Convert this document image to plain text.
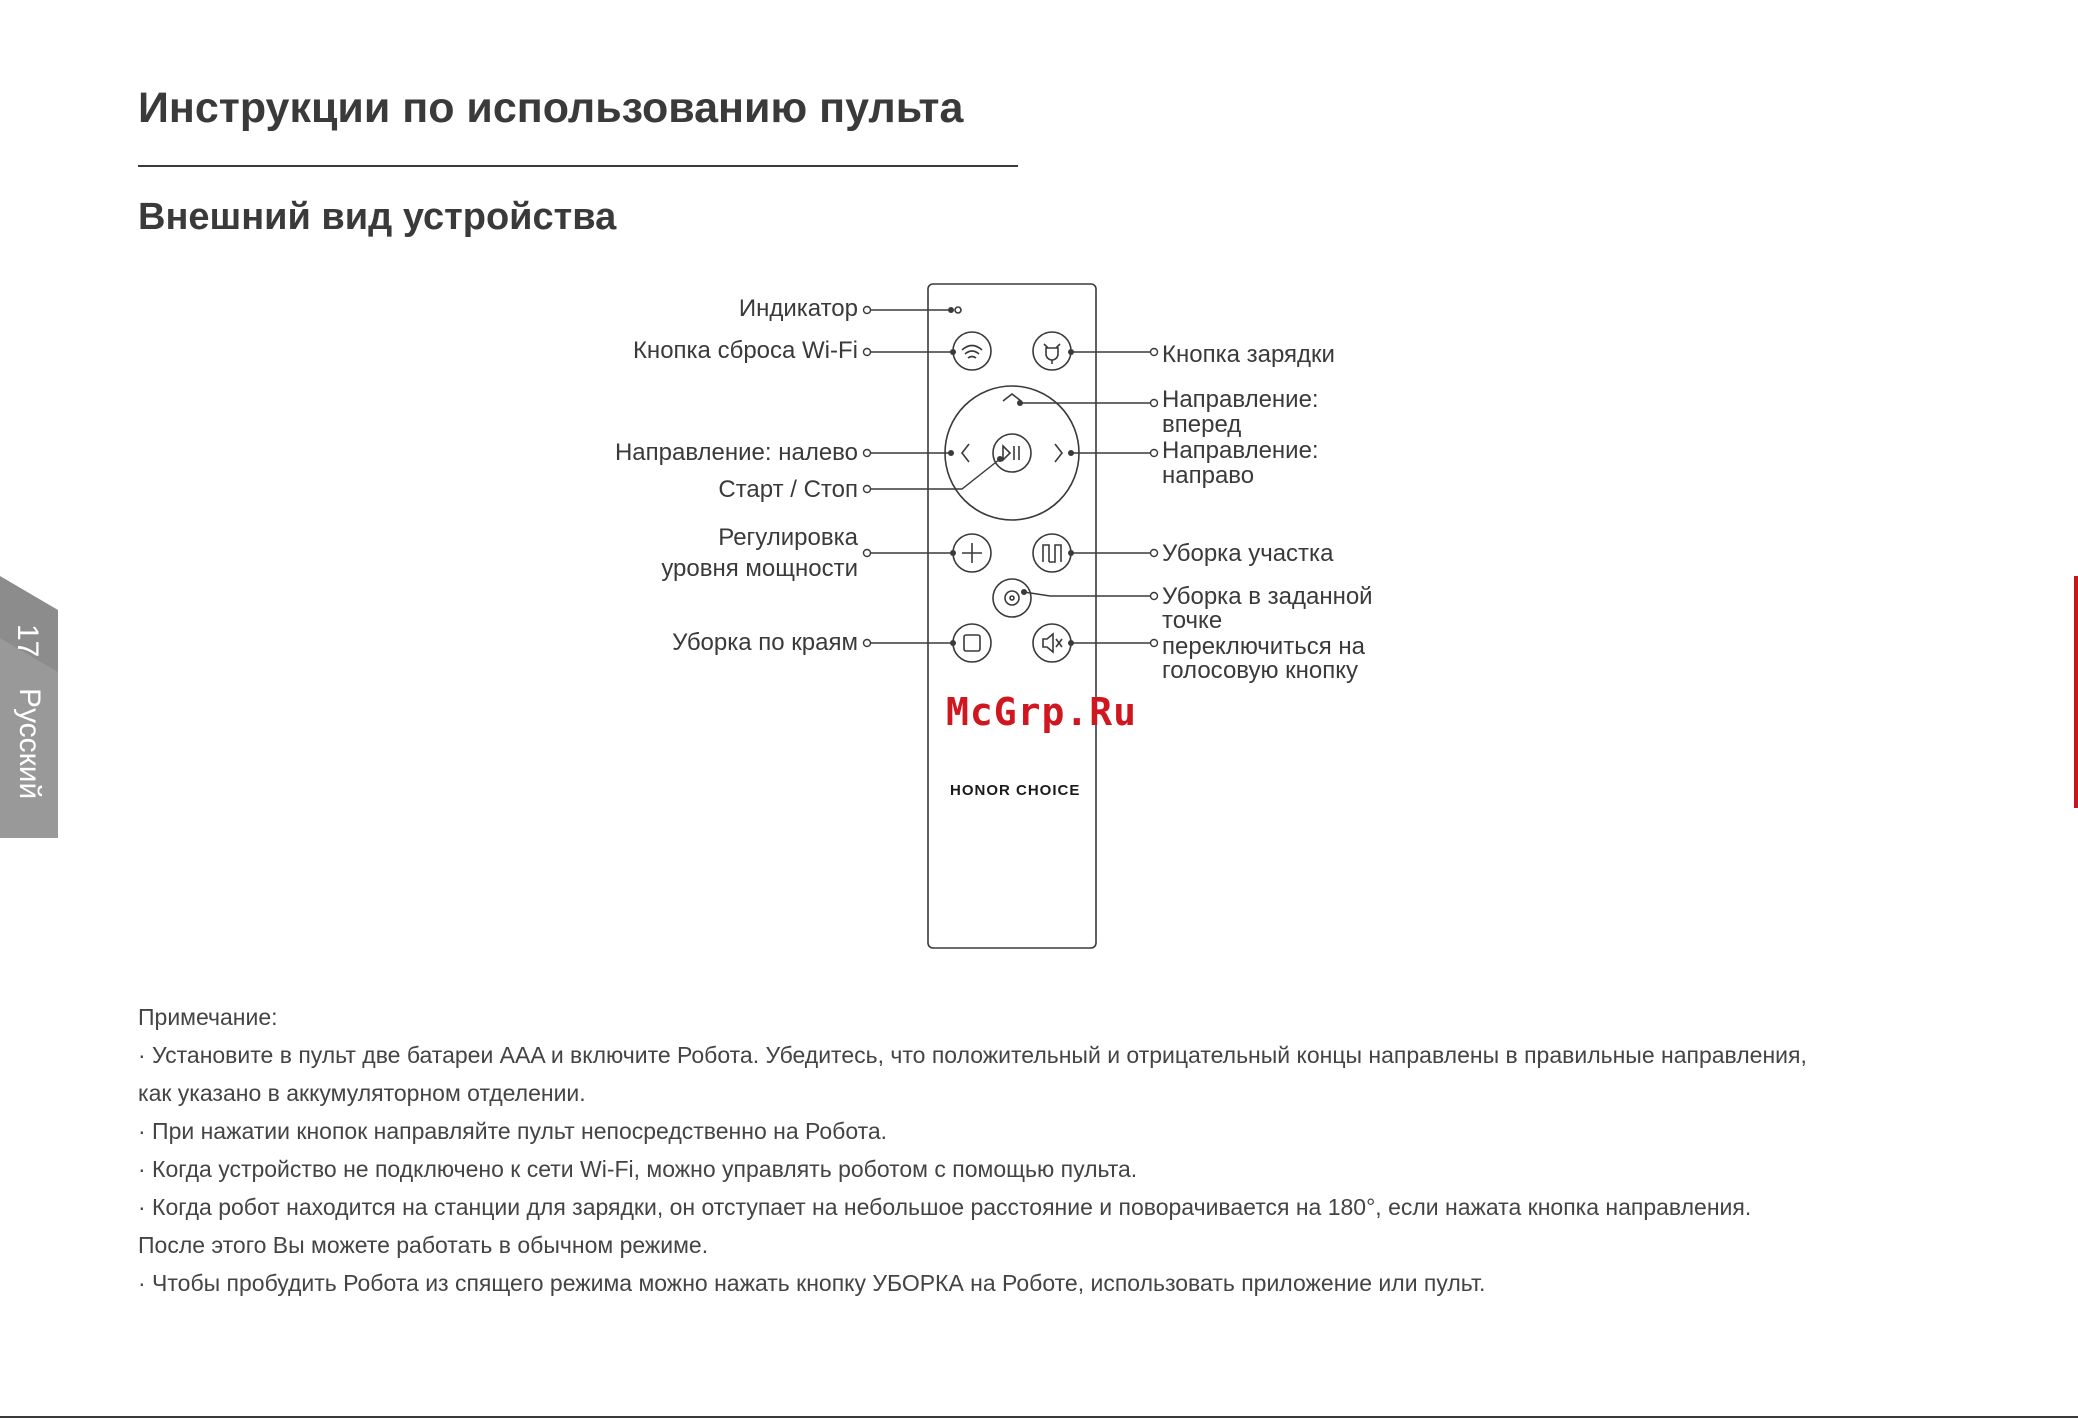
Инструкции по использованию пульта
Внешний вид устройства
17
Русский
Индикатор
Кнопка сброса Wi-Fi
Направление: налево
Старт / Стоп
Регулировка
уровня мощности
Уборка по краям
Кнопка зарядки
Направление:
вперед
Направление:
направо
Уборка участка
Уборка в заданной
точке
переключиться на
голосовую кнопку
McGrp.Ru
HONOR CHOICE

Примечание:

· Установите в пульт две батареи AAA и включите Робота. Убедитесь, что положительный и отрицательный концы направлены в правильные направления,

как указано в аккумуляторном отделении.

· При нажатии кнопок направляйте пульт непосредственно на Робота.

· Когда устройство не подключено к сети Wi-Fi, можно управлять роботом с помощью пульта.

· Когда робот находится на станции для зарядки, он отступает на небольшое расстояние и поворачивается на 180°, если нажата кнопка направления.

После этого Вы можете работать в обычном режиме.

· Чтобы пробудить Робота из спящего режима можно нажать кнопку УБОРКА на Роботе, использовать приложение или пульт.
